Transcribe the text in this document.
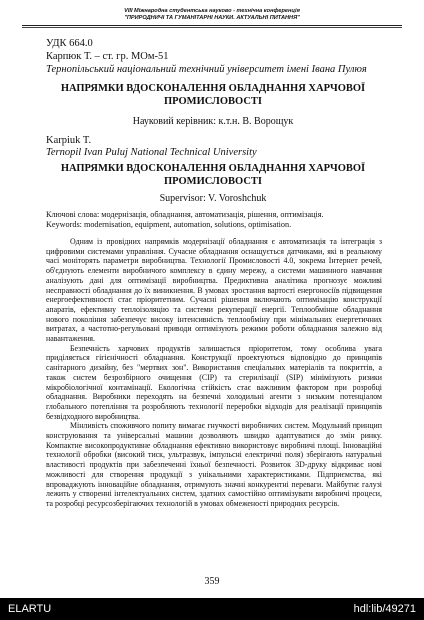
VIII Міжнародна студентська науково - технічна конференція
"ПРИРОДНИЧІ ТА ГУМАНІТАРНІ НАУКИ. АКТУАЛЬНІ ПИТАННЯ"
УДК 664.0
Карпюк Т. – ст. гр. МОм-51
Тернопільський національний технічний університет імені Івана Пулюя
НАПРЯМКИ ВДОСКОНАЛЕННЯ ОБЛАДНАННЯ ХАРЧОВОЇ
ПРОМИСЛОВОСТІ
Науковий керівник: к.т.н. В. Ворощук
Karpiuk T.
Ternopil Ivan Puluj National Technical University
НАПРЯМКИ ВДОСКОНАЛЕННЯ ОБЛАДНАННЯ ХАРЧОВОЇ
ПРОМИСЛОВОСТІ
Supervisor: V. Voroshchuk
Ключові слова: модернізація, обладнання, автоматизація, рішення, оптимізація.
Keywords: modernisation, equipment, automation, solutions, optimisation.

Одним із провідних напрямків модернізації обладнання є автоматизація та інтеграція з цифровими системами управління. Сучасне обладнання оснащується датчиками, які в реальному часі моніторять параметри виробництва. Технології Промисловості 4.0, зокрема Інтернет речей, об'єднують елементи виробничого комплексу в єдину мережу, а системи машинного навчання аналізують дані для оптимізації виробництва. Предиктивна аналітика прогнозує можливі несправності обладнання до їх виникнення. В умовах зростання вартості енергоносіїв підвищення енергоефективності стає пріоритетним. Сучасні рішення включають оптимізацію конструкції апаратів, ефективну теплоізоляцію та системи рекуперації енергії. Теплообмінне обладнання нового покоління забезпечує високу інтенсивність теплообміну при мінімальних енергетичних витратах, а частотно-регульовані приводи оптимізують режими роботи обладнання залежно від навантаження.

Безпечність харчових продуктів залишається пріоритетом, тому особлива увага приділяється гігієнічності обладнання. Конструкції проектуються відповідно до принципів санітарного дизайну, без "мертвих зон". Використання спеціальних матеріалів та покриттів, а також систем безрозбірного очищення (CIP) та стерилізації (SIP) мінімізують ризики мікробіологічної контамінації. Екологічна стійкість стає важливим фактором при розробці обладнання. Виробники переходять на безпечні холодильні агенти з низьким потенціалом глобального потепління та розробляють технології переробки відходів для реалізації принципів безвідходного виробництва.

Мінливість споживчого попиту вимагає гнучкості виробничих систем. Модульний принцип конструювання та універсальні машини дозволяють швидко адаптуватися до змін ринку. Компактне високопродуктивне обладнання ефективно використовує виробничі площі. Інноваційні технології обробки (високий тиск, ультразвук, імпульсні електричні поля) зберігають натуральні властивості продуктів при забезпеченні їхньої безпечності. Розвиток 3D-друку відкриває нові можливості для створення продукції з унікальними характеристиками. Підприємства, які впроваджують інноваційне обладнання, отримують значні конкурентні переваги. Майбутнє галузі лежить у створенні інтелектуальних систем, здатних самостійно оптимізувати виробничі процеси, та розробці ресурсозберігаючих технологій в умовах обмеженості природних ресурсів.

359
ELARTU	hdl:lib/49271
